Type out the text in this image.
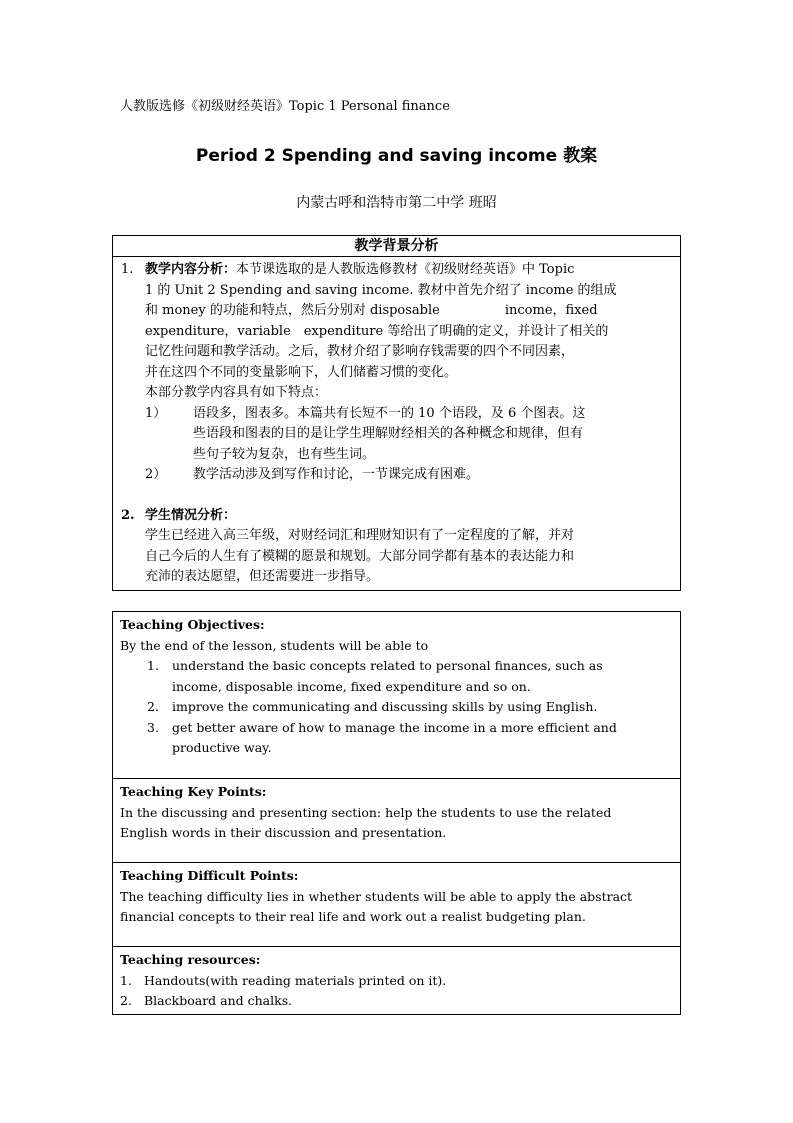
人教版选修《初级财经英语》Topic 1 Personal finance
Period 2 Spending and saving income 教案
内蒙古呼和浩特市第二中学 班昭
教学背景分析

1. 教学内容分析：本节课选取的是人教版选修教材《初级财经英语》中 Topic
1 的 Unit 2 Spending and saving income. 教材中首先介绍了 income 的组成
和 money 的功能和特点，然后分别对 disposable　　　　　income，fixed
expenditure，variable　expenditure 等给出了明确的定义，并设计了相关的
记忆性问题和教学活动。之后，教材介绍了影响存钱需要的四个不同因素，
并在这四个不同的变量影响下，人们储蓄习惯的变化。
本部分教学内容具有如下特点：
1）	语段多，图表多。本篇共有长短不一的 10 个语段，及 6 个图表。这
些语段和图表的目的是让学生理解财经相关的各种概念和规律，但有
些句子较为复杂，也有些生词。
2）	教学活动涉及到写作和讨论，一节课完成有困难。
2. 学生情况分析：
学生已经进入高三年级，对财经词汇和理财知识有了一定程度的了解，并对
自己今后的人生有了模糊的愿景和规划。大部分同学都有基本的表达能力和
充沛的表达愿望，但还需要进一步指导。
Teaching Objectives:
By the end of the lesson, students will be able to
1.	understand the basic concepts related to personal finances, such as
income, disposable income, fixed expenditure and so on.
2.	improve the communicating and discussing skills by using English.
3.	get better aware of how to manage the income in a more efficient and
productive way.

Teaching Key Points:
In the discussing and presenting section: help the students to use the related
English words in their discussion and presentation.

Teaching Difficult Points:
The teaching difficulty lies in whether students will be able to apply the abstract
financial concepts to their real life and work out a realist budgeting plan.

Teaching resources:
1. Handouts(with reading materials printed on it).
2. Blackboard and chalks.
